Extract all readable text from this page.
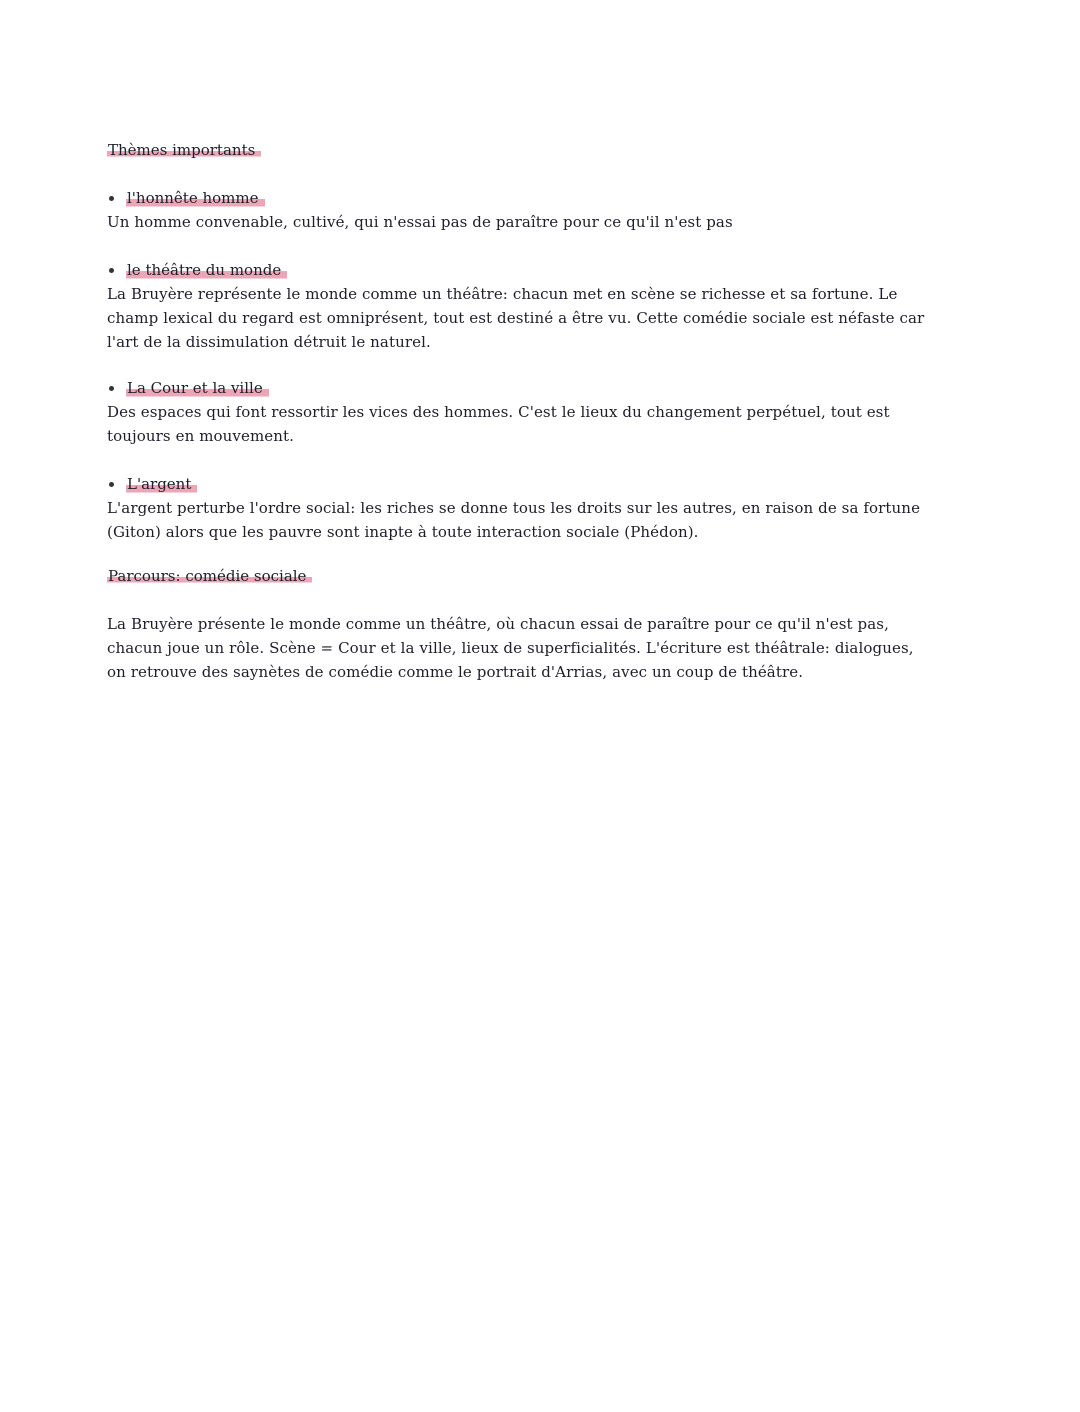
Thèmes importants
l'honnête homme
Un homme convenable, cultivé, qui n'essai pas de paraître pour ce qu'il n'est pas
le théâtre du monde
La Bruyère représente le monde comme un théâtre: chacun met en scène se richesse et sa fortune. Le
champ lexical du regard est omniprésent, tout est destiné a être vu. Cette comédie sociale est néfaste car
l'art de la dissimulation détruit le naturel.
La Cour et la ville
Des espaces qui font ressortir les vices des hommes. C'est le lieux du changement perpétuel, tout est
toujours en mouvement.
L'argent
L'argent perturbe l'ordre social: les riches se donne tous les droits sur les autres, en raison de sa fortune
(Giton) alors que les pauvre sont inapte à toute interaction sociale (Phédon).
Parcours: comédie sociale
La Bruyère présente le monde comme un théâtre, où chacun essai de paraître pour ce qu'il n'est pas,
chacun joue un rôle. Scène = Cour et la ville, lieux de superficialités. L'écriture est théâtrale: dialogues,
on retrouve des saynètes de comédie comme le portrait d'Arrias, avec un coup de théâtre.
